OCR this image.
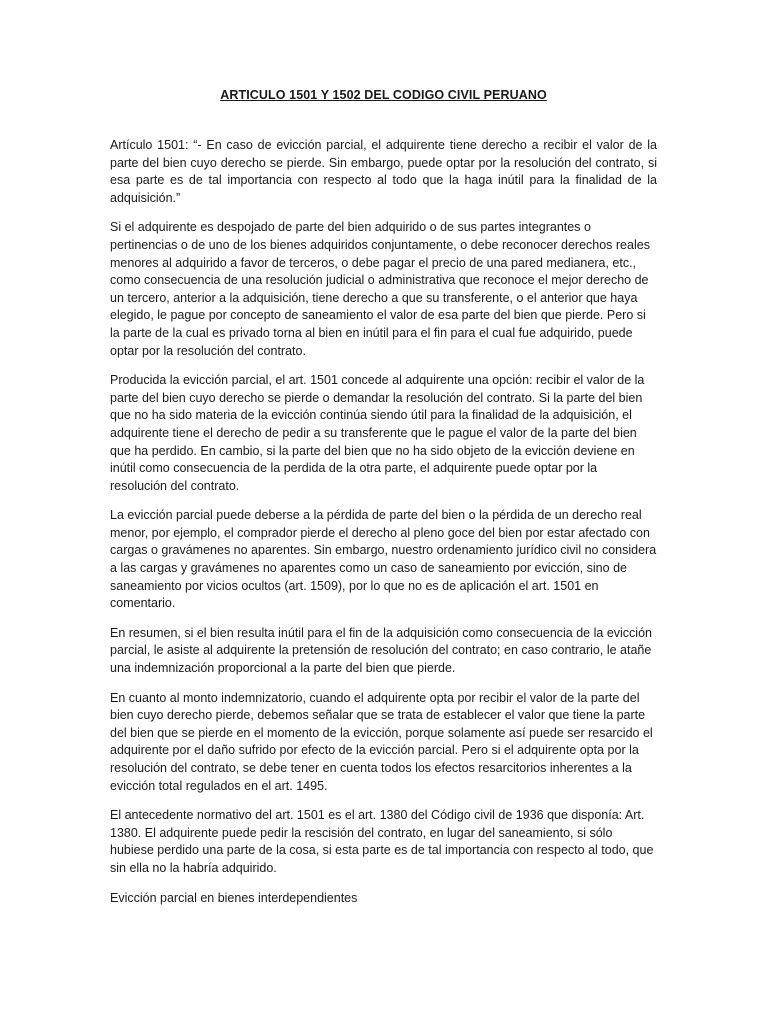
ARTICULO 1501 Y 1502 DEL CODIGO CIVIL PERUANO

Artículo 1501: “- En caso de evicción parcial, el adquirente tiene derecho a recibir el valor de la parte del bien cuyo derecho se pierde. Sin embargo, puede optar por la resolución del contrato, si esa parte es de tal importancia con respecto al todo que la haga inútil para la finalidad de la adquisición.”

Si el adquirente es despojado de parte del bien adquirido o de sus partes integrantes o pertinencias o de uno de los bienes adquiridos conjuntamente, o debe reconocer derechos reales menores al adquirido a favor de terceros, o debe pagar el precio de una pared medianera, etc., como consecuencia de una resolución judicial o administrativa que reconoce el mejor derecho de un tercero, anterior a la adquisición, tiene derecho a que su transferente, o el anterior que haya elegido, le pague por concepto de saneamiento el valor de esa parte del bien que pierde. Pero si la parte de la cual es privado torna al bien en inútil para el fin para el cual fue adquirido, puede optar por la resolución del contrato.

Producida la evicción parcial, el art. 1501 concede al adquirente una opción: recibir el valor de la parte del bien cuyo derecho se pierde o demandar la resolución del contrato. Si la parte del bien que no ha sido materia de la evicción continúa siendo útil para la finalidad de la adquisición, el adquirente tiene el derecho de pedir a su transferente que le pague el valor de la parte del bien que ha perdido. En cambio, si la parte del bien que no ha sido objeto de la evicción deviene en inútil como consecuencia de la perdida de la otra parte, el adquirente puede optar por la resolución del contrato.

La evicción parcial puede deberse a la pérdida de parte del bien o la pérdida de un derecho real menor, por ejemplo, el comprador pierde el derecho al pleno goce del bien por estar afectado con cargas o gravámenes no aparentes. Sin embargo, nuestro ordenamiento jurídico civil no considera a las cargas y gravámenes no aparentes como un caso de saneamiento por evicción, sino de saneamiento por vicios ocultos (art. 1509), por lo que no es de aplicación el art. 1501 en comentario.

En resumen, si el bien resulta inútil para el fin de la adquisición como consecuencia de la evicción parcial, le asiste al adquirente la pretensión de resolución del contrato; en caso contrario, le atañe una indemnización proporcional a la parte del bien que pierde.

En cuanto al monto indemnizatorio, cuando el adquirente opta por recibir el valor de la parte del bien cuyo derecho pierde, debemos señalar que se trata de establecer el valor que tiene la parte del bien que se pierde en el momento de la evicción, porque solamente así puede ser resarcido el adquirente por el daño sufrido por efecto de la evicción parcial. Pero si el adquirente opta por la resolución del contrato, se debe tener en cuenta todos los efectos resarcitorios inherentes a la evicción total regulados en el art. 1495.

El antecedente normativo del art. 1501 es el art. 1380 del Código civil de 1936 que disponía: Art. 1380. El adquirente puede pedir la rescisión del contrato, en lugar del saneamiento, si sólo hubiese perdido una parte de la cosa, si esta parte es de tal importancia con respecto al todo, que sin ella no la habría adquirido.

Evicción parcial en bienes interdependientes
